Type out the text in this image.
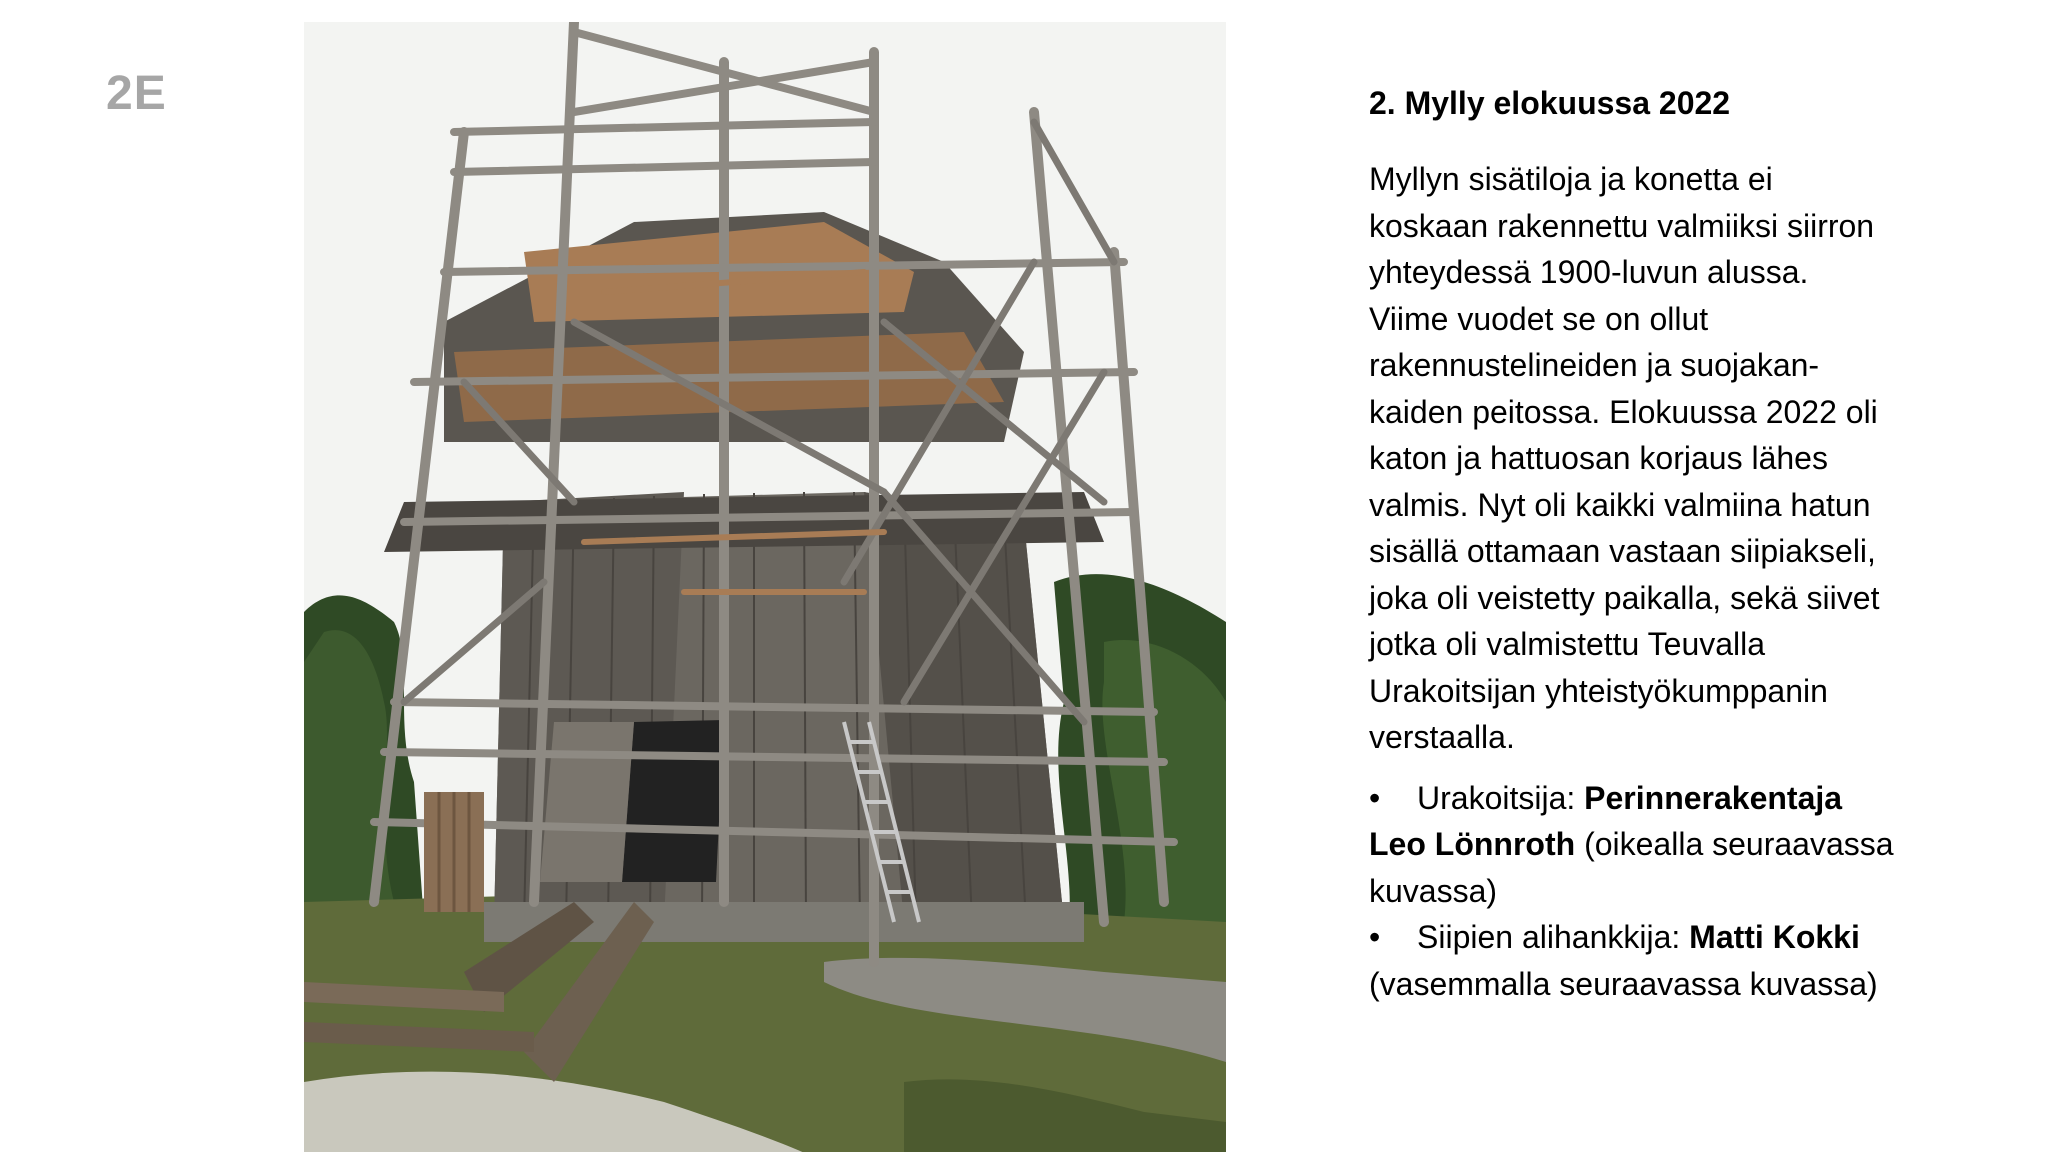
2E	2. Mylly elokuussa 2022
Myllyn sisätiloja ja konetta ei
koskaan rakennettu valmiiksi siirron
yhteydessä 1900-luvun alussa.
Viime vuodet se on ollut
rakennustelineiden ja suojakan-
kaiden peitossa. Elokuussa 2022 oli
katon ja hattuosan korjaus lähes
valmis. Nyt oli kaikki valmiina hatun
sisällä ottamaan vastaan siipiakseli,
joka oli veistetty paikalla, sekä siivet
jotka oli valmistettu Teuvalla
Urakoitsijan yhteistyökumppanin
verstaalla.
• Urakoitsija: Perinnerakentaja
Leo Lönnroth (oikealla seuraavassa
kuvassa)
• Siipien alihankkija: Matti Kokki
(vasemmalla seuraavassa kuvassa)
